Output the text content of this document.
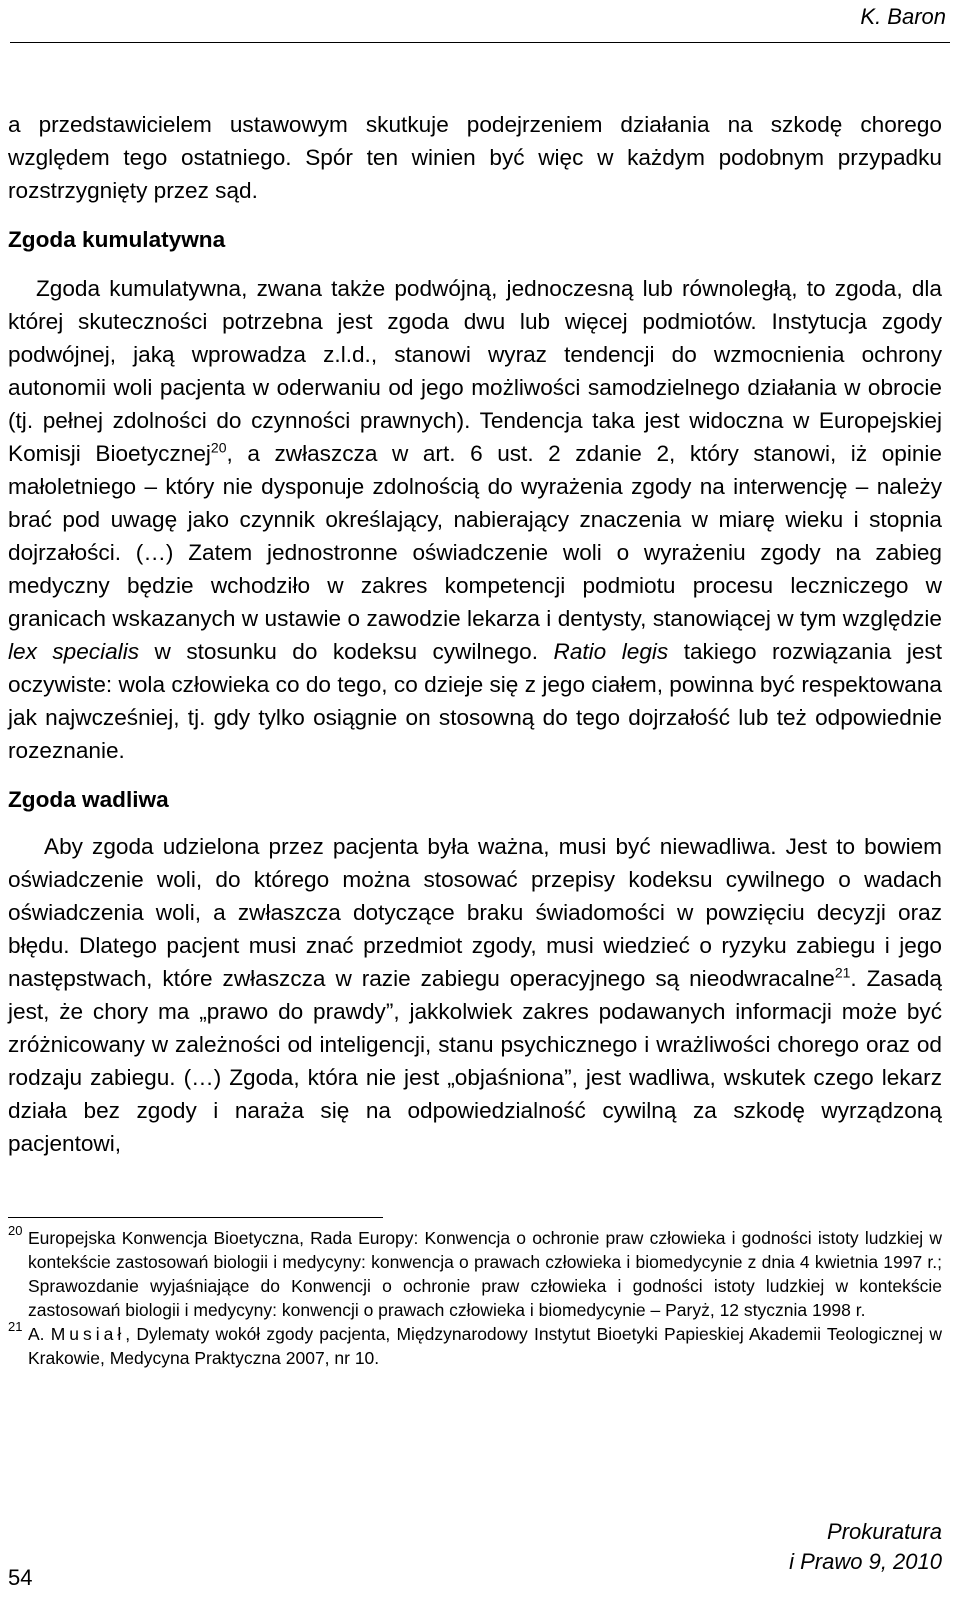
K. Baron

a przedstawicielem ustawowym skutkuje podejrzeniem działania na szkodę chorego względem tego ostatniego. Spór ten winien być więc w każdym podobnym przypadku rozstrzygnięty przez sąd.

Zgoda kumulatywna

Zgoda kumulatywna, zwana także podwójną, jednoczesną lub równoległą, to zgoda, dla której skuteczności potrzebna jest zgoda dwu lub więcej podmiotów. Instytucja zgody podwójnej, jaką wprowadza z.l.d., stanowi wyraz tendencji do wzmocnienia ochrony autonomii woli pacjenta w oderwaniu od jego możliwości samodzielnego działania w obrocie (tj. pełnej zdolności do czynności prawnych). Tendencja taka jest widoczna w Europejskiej Komisji Bioetycznej$^{20}$, a zwłaszcza w art. 6 ust. 2 zdanie 2, który stanowi, iż opinie małoletniego – który nie dysponuje zdolnością do wyrażenia zgody na interwencję – należy brać pod uwagę jako czynnik określający, nabierający znaczenia w miarę wieku i stopnia dojrzałości. (…) Zatem jednostronne oświadczenie woli o wyrażeniu zgody na zabieg medyczny będzie wchodziło w zakres kompetencji podmiotu procesu leczniczego w granicach wskazanych w ustawie o zawodzie lekarza i dentysty, stanowiącej w tym względzie lex specialis w stosunku do kodeksu cywilnego. Ratio legis takiego rozwiązania jest oczywiste: wola człowieka co do tego, co dzieje się z jego ciałem, powinna być respektowana jak najwcześniej, tj. gdy tylko osiągnie on stosowną do tego dojrzałość lub też odpowiednie rozeznanie.

Zgoda wadliwa

Aby zgoda udzielona przez pacjenta była ważna, musi być niewadliwa. Jest to bowiem oświadczenie woli, do którego można stosować przepisy kodeksu cywilnego o wadach oświadczenia woli, a zwłaszcza dotyczące braku świadomości w powzięciu decyzji oraz błędu. Dlatego pacjent musi znać przedmiot zgody, musi wiedzieć o ryzyku zabiegu i jego następstwach, które zwłaszcza w razie zabiegu operacyjnego są nieodwracalne$^{21}$. Zasadą jest, że chory ma „prawo do prawdy”, jakkolwiek zakres podawanych informacji może być zróżnicowany w zależności od inteligencji, stanu psychicznego i wrażliwości chorego oraz od rodzaju zabiegu. (…) Zgoda, która nie jest „objaśniona”, jest wadliwa, wskutek czego lekarz działa bez zgody i naraża się na odpowiedzialność cywilną za szkodę wyrządzoną pacjentowi,

20 Europejska Konwencja Bioetyczna, Rada Europy: Konwencja o ochronie praw człowieka i godności istoty ludzkiej w kontekście zastosowań biologii i medycyny: konwencja o prawach człowieka i biomedycynie z dnia 4 kwietnia 1997 r.; Sprawozdanie wyjaśniające do Konwencji o ochronie praw człowieka i godności istoty ludzkiej w kontekście zastosowań biologii i medycyny: konwencji o prawach człowieka i biomedycynie – Paryż, 12 stycznia 1998 r.

21 A. Musiał, Dylematy wokół zgody pacjenta, Międzynarodowy Instytut Bioetyki Papieskiej Akademii Teologicznej w Krakowie, Medycyna Praktyczna 2007, nr 10.

54
Prokuratura
i Prawo 9, 2010
